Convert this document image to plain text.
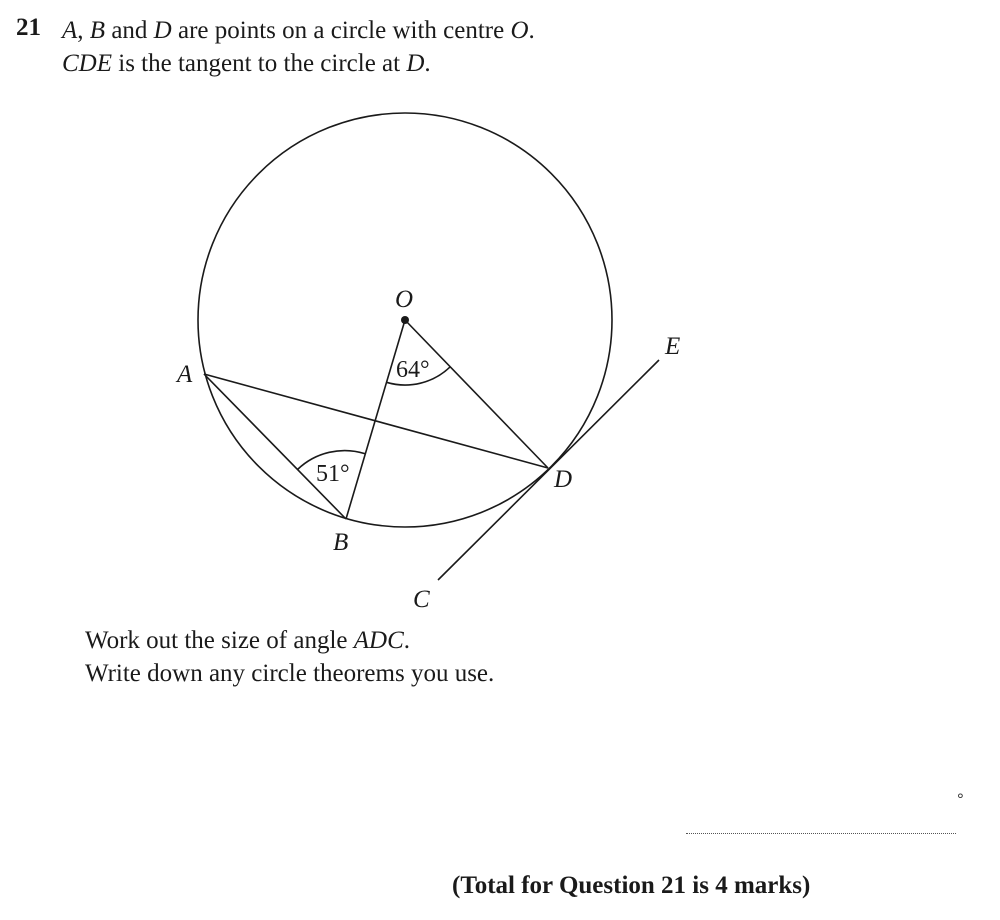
21 A, B and D are points on a circle with centre O.
CDE is the tangent to the circle at D.
O
A
B
C
D
E
64°
51°
Work out the size of angle ADC.
Write down any circle theorems you use.
°
(Total for Question 21 is 4 marks)
